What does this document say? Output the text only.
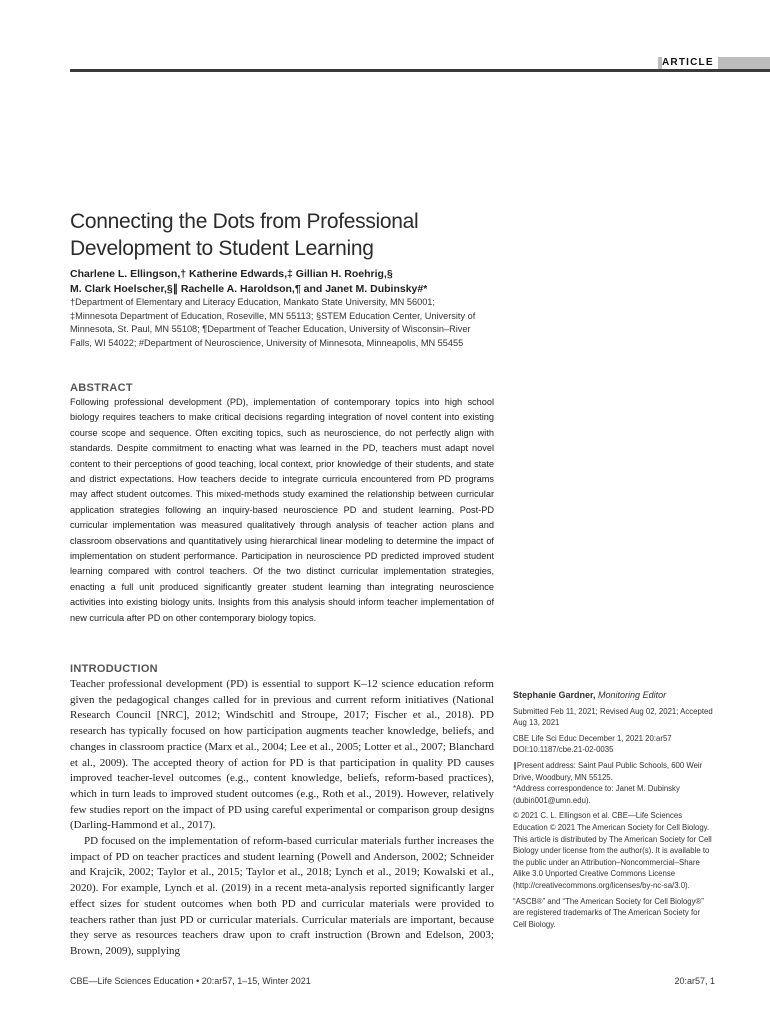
ARTICLE
Connecting the Dots from Professional Development to Student Learning
Charlene L. Ellingson,† Katherine Edwards,‡ Gillian H. Roehrig,§
M. Clark Hoelscher,§∥ Rachelle A. Haroldson,¶ and Janet M. Dubinsky#*

†Department of Elementary and Literacy Education, Mankato State University, MN 56001;

‡Minnesota Department of Education, Roseville, MN 55113; §STEM Education Center, University of Minnesota, St. Paul, MN 55108; ¶Department of Teacher Education, University of Wisconsin–River Falls, WI 54022; #Department of Neuroscience, University of Minnesota, Minneapolis, MN 55455

ABSTRACT
Following professional development (PD), implementation of contemporary topics into high school biology requires teachers to make critical decisions regarding integration of novel content into existing course scope and sequence. Often exciting topics, such as neuroscience, do not perfectly align with standards. Despite commitment to enacting what was learned in the PD, teachers must adapt novel content to their perceptions of good teaching, local context, prior knowledge of their students, and state and district expectations. How teachers decide to integrate curricula encountered from PD programs may affect student outcomes. This mixed-methods study examined the relationship between curricular application strategies following an inquiry-based neuroscience PD and student learning. Post-PD curricular implementation was measured qualitatively through analysis of teacher action plans and classroom observations and quantitatively using hierarchical linear modeling to determine the impact of implementation on student performance. Participation in neuroscience PD predicted improved student learning compared with control teachers. Of the two distinct curricular implementation strategies, enacting a full unit produced significantly greater student learning than integrating neuroscience activities into existing biology units. Insights from this analysis should inform teacher implementation of new curricula after PD on other contemporary biology topics.
INTRODUCTION

Teacher professional development (PD) is essential to support K–12 science education reform given the pedagogical changes called for in previous and current reform initiatives (National Research Council [NRC], 2012; Windschitl and Stroupe, 2017; Fischer et al., 2018). PD research has typically focused on how participation augments teacher knowledge, beliefs, and changes in classroom practice (Marx et al., 2004; Lee et al., 2005; Lotter et al., 2007; Blanchard et al., 2009). The accepted theory of action for PD is that participation in quality PD causes improved teacher-level outcomes (e.g., content knowledge, beliefs, reform-based practices), which in turn leads to improved student outcomes (e.g., Roth et al., 2019). However, relatively few studies report on the impact of PD using careful experimental or comparison group designs (Darling-Hammond et al., 2017).

PD focused on the implementation of reform-based curricular materials further increases the impact of PD on teacher practices and student learning (Powell and Anderson, 2002; Schneider and Krajcik, 2002; Taylor et al., 2015; Taylor et al., 2018; Lynch et al., 2019; Kowalski et al., 2020). For example, Lynch et al. (2019) in a recent meta-analysis reported significantly larger effect sizes for student outcomes when both PD and curricular materials were provided to teachers rather than just PD or curricular materials. Curricular materials are important, because they serve as resources teachers draw upon to craft instruction (Brown and Edelson, 2003; Brown, 2009), supplying

Stephanie Gardner, Monitoring Editor

Submitted Feb 11, 2021; Revised Aug 02, 2021; Accepted Aug 13, 2021

CBE Life Sci Educ December 1, 2021 20:ar57

DOI:10.1187/cbe.21-02-0035

∥Present address: Saint Paul Public Schools, 600 Weir Drive, Woodbury, MN 55125.

*Address correspondence to: Janet M. Dubinsky (dubin001@umn.edu).

© 2021 C. L. Ellingson et al. CBE—Life Sciences Education © 2021 The American Society for Cell Biology. This article is distributed by The American Society for Cell Biology under license from the author(s). It is available to the public under an Attribution–Noncommercial–Share Alike 3.0 Unported Creative Commons License (http://creativecommons.org/licenses/by-nc-sa/3.0).

“ASCB®” and “The American Society for Cell Biology®” are registered trademarks of The American Society for Cell Biology.

CBE—Life Sciences Education • 20:ar57, 1–15, Winter 2021	20:ar57, 1
